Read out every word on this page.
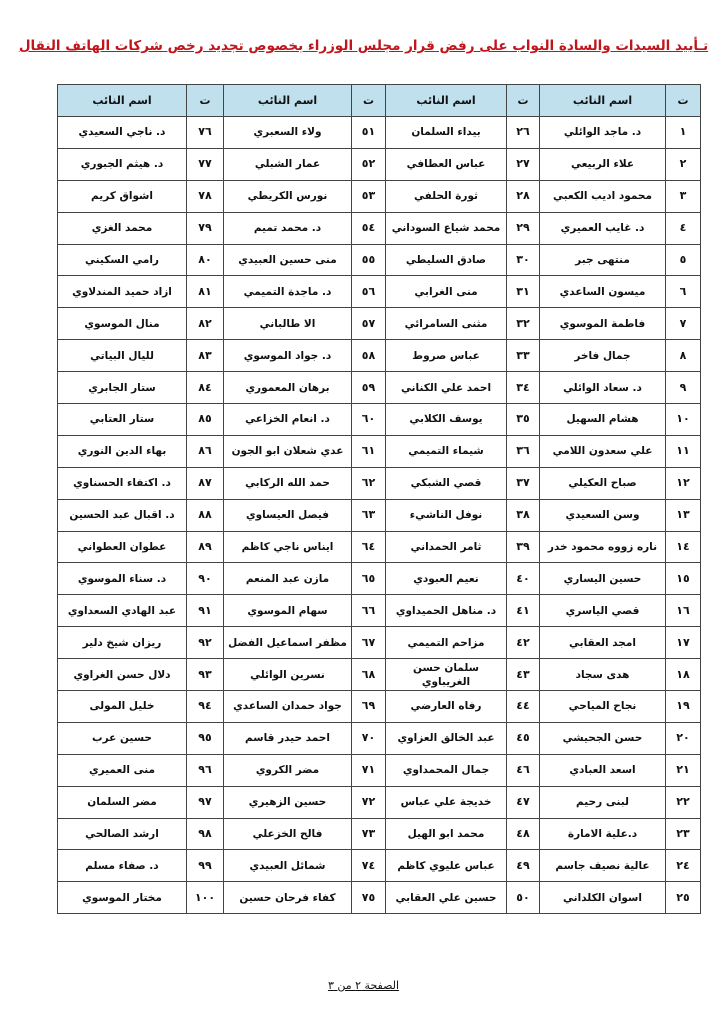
تـأييد السيدات والسادة النواب على رفض قرار مجلس الوزراء بخصوص تجديد رخص شركات الهاتف النقال
ت	اسم النائب	ت	اسم النائب	ت	اسم النائب	ت	اسم النائب
١	د. ماجد الوائلي	٢٦	بيداء السلمان	٥١	ولاء السعبري	٧٦	د. ناجي السعيدي
٢	علاء الربيعي	٢٧	عباس العطافي	٥٢	عمار الشبلي	٧٧	د. هيثم الجبوري
٣	محمود اديب الكعبي	٢٨	ثورة الحلفي	٥٣	نورس الكريطي	٧٨	اشواق كريم
٤	د. غايب العميري	٢٩	محمد شياع السوداني	٥٤	د. محمد تميم	٧٩	محمد الغزي
٥	منتهى جبر	٣٠	صادق السليطي	٥٥	منى حسين العبيدي	٨٠	رامي السكيني
٦	ميسون الساعدي	٣١	منى الغرابي	٥٦	د. ماجدة التميمي	٨١	ازاد حميد المندلاوي
٧	فاطمة الموسوي	٣٢	مثنى السامرائي	٥٧	الا طالباني	٨٢	منال الموسوي
٨	جمال فاخر	٣٣	عباس صروط	٥٨	د. جواد الموسوي	٨٣	لليال البياتي
٩	د. سعاد الوائلي	٣٤	احمد علي الكناني	٥٩	برهان المعموري	٨٤	ستار الجابري
١٠	هشام السهيل	٣٥	يوسف الكلابي	٦٠	د. انعام الخزاعي	٨٥	ستار العتابي
١١	علي سعدون اللامي	٣٦	شيماء التميمي	٦١	عدي شعلان ابو الجون	٨٦	بهاء الدين النوري
١٢	صباح العكيلي	٣٧	قصي الشبكي	٦٢	حمد الله الركابي	٨٧	د. اكتفاء الحسناوي
١٣	وسن السعيدي	٣٨	نوفل الناشيء	٦٣	فيصل العيساوي	٨٨	د. اقبال عبد الحسين
١٤	ناره زووه محمود خدر	٣٩	ثامر الحمداني	٦٤	ايناس ناجي كاظم	٨٩	عطوان العطواني
١٥	حسين اليساري	٤٠	نعيم العبودي	٦٥	مازن عبد المنعم	٩٠	د. سناء الموسوي
١٦	قصي الياسري	٤١	د. مناهل الحميداوي	٦٦	سهام الموسوي	٩١	عبد الهادي السعداوي
١٧	امجد العقابي	٤٢	مزاحم التميمي	٦٧	مظفر اسماعيل الفضل	٩٢	ريزان شيخ دلير
١٨	هدى سجاد	٤٣	سلمان حسن الغريباوي	٦٨	نسرين الوائلي	٩٣	دلال حسن الغراوي
١٩	نجاح المياحي	٤٤	رفاه العارضي	٦٩	جواد حمدان الساعدي	٩٤	خليل المولى
٢٠	حسن الجحيشي	٤٥	عبد الخالق العزاوي	٧٠	احمد حيدر قاسم	٩٥	حسين عرب
٢١	اسعد العبادي	٤٦	جمال المحمداوي	٧١	مضر الكروي	٩٦	منى العميري
٢٢	لبنى رحيم	٤٧	خديجة علي عباس	٧٢	حسين الزهيري	٩٧	مضر السلمان
٢٣	د.علية الامارة	٤٨	محمد ابو الهيل	٧٣	فالح الخزعلي	٩٨	ارشد الصالحي
٢٤	عالية نصيف جاسم	٤٩	عباس عليوي كاظم	٧٤	شمائل العبيدي	٩٩	د. صفاء مسلم
٢٥	اسوان الكلداني	٥٠	حسين علي العقابي	٧٥	كفاء فرحان حسين	١٠٠	مختار الموسوي
الصفحة ٢ من ٣
